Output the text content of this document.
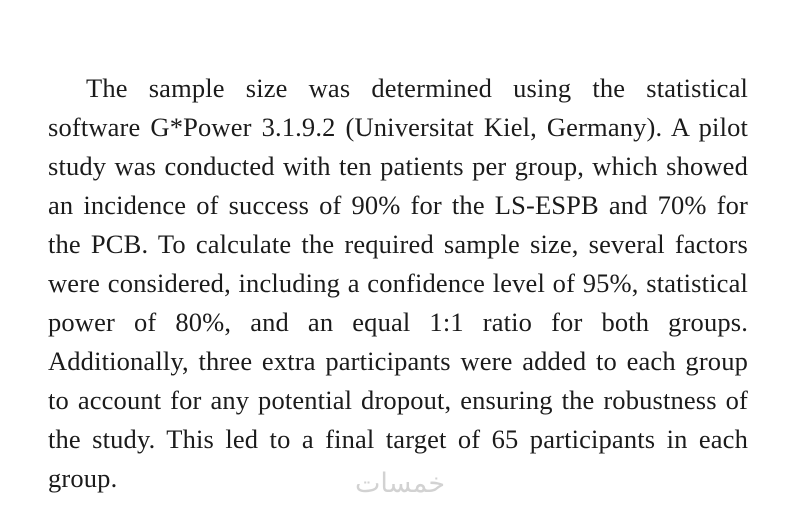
The sample size was determined using the statistical software G*Power 3.1.9.2 (Universitat Kiel, Germany). A pilot study was conducted with ten patients per group, which showed an incidence of success of 90% for the LS-ESPB and 70% for the PCB. To calculate the required sample size, several factors were considered, including a confidence level of 95%, statistical power of 80%, and an equal 1:1 ratio for both groups. Additionally, three extra participants were added to each group to account for any potential dropout, ensuring the robustness of the study. This led to a final target of 65 participants in each group.	خمسات
